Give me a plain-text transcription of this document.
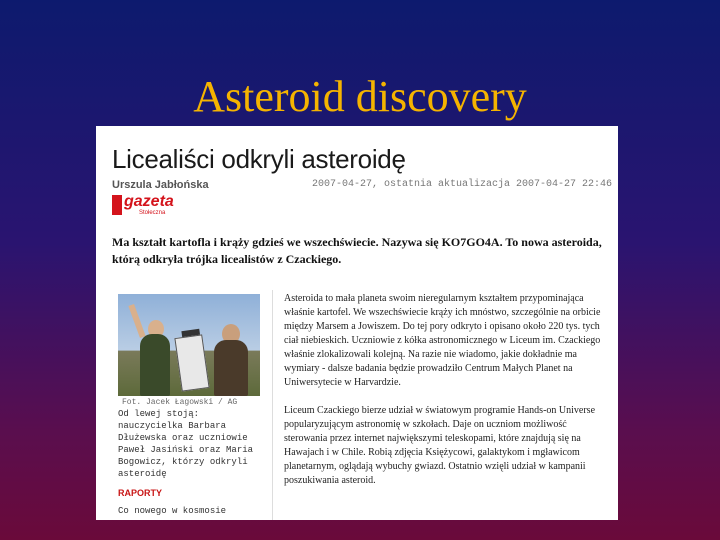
Asteroid discovery
Licealiści odkryli asteroidę
Urszula Jabłońska	2007-04-27, ostatnia aktualizacja 2007-04-27 22:46
gazeta
Stołeczna
Ma kształt kartofla i krąży gdzieś we wszechświecie. Nazywa się KO7GO4A. To nowa asteroida, którą odkryła trójka licealistów z Czackiego.
Fot. Jacek Łagowski / AG
Od lewej stoją: nauczycielka Barbara Dłużewska oraz uczniowie Paweł Jasiński oraz Maria Bogowicz, którzy odkryli asteroidę
RAPORTY
Co nowego w kosmosie

Asteroida to mała planeta swoim nieregularnym kształtem przypominająca właśnie kartofel. We wszechświecie krąży ich mnóstwo, szczególnie na orbicie między Marsem a Jowiszem. Do tej pory odkryto i opisano około 220 tys. tych ciał niebieskich. Uczniowie z kółka astronomicznego w Liceum im. Czackiego właśnie zlokalizowali kolejną. Na razie nie wiadomo, jakie dokładnie ma wymiary - dalsze badania będzie prowadziło Centrum Małych Planet na Uniwersytecie w Harvardzie.

Liceum Czackiego bierze udział w światowym programie Hands-on Universe popularyzującym astronomię w szkołach. Daje on uczniom możliwość sterowania przez internet największymi teleskopami, które znajdują się na Hawajach i w Chile. Robią zdjęcia Księżycowi, galaktykom i mgławicom planetarnym, oglądają wybuchy gwiazd. Ostatnio wzięli udział w kampanii poszukiwania asteroid.
